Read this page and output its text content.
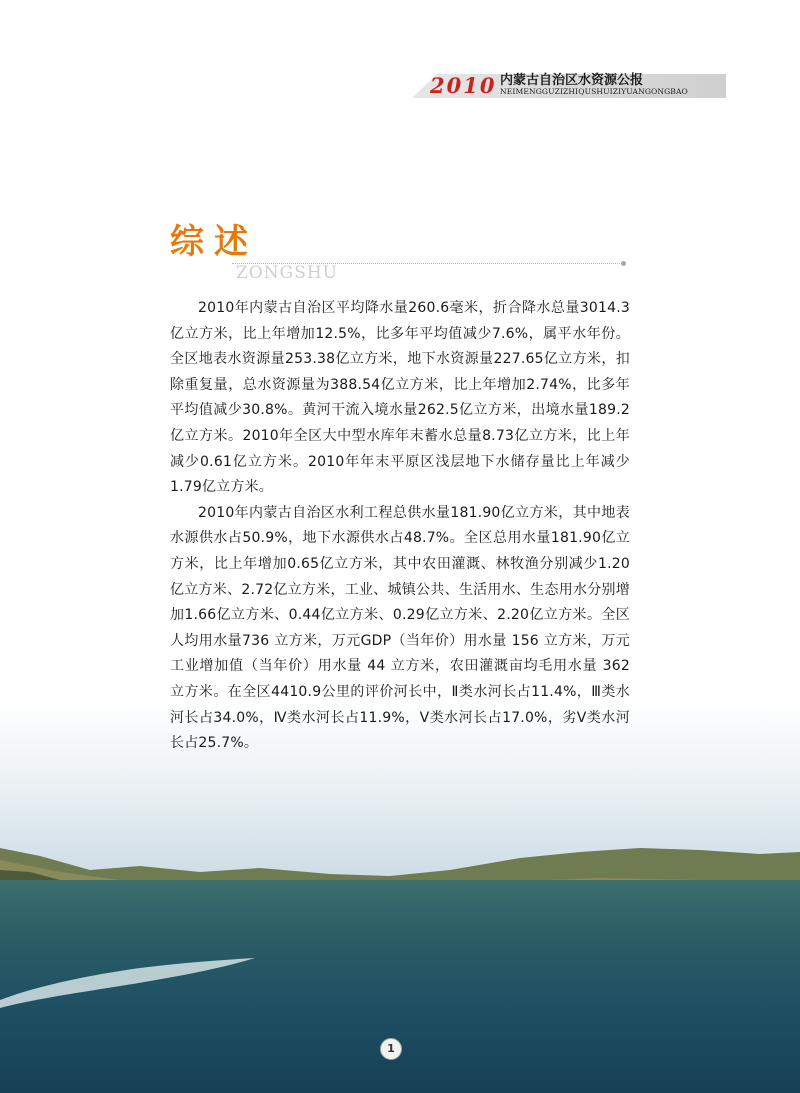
2010 内蒙古自治区水资源公报
NEIMENGGUZIZHIQUSHUIZIYUANGONGBAO
综述
ZONGSHU

2010年内蒙古自治区平均降水量260.6毫米，折合降水总量3014.3亿立方米，比上年增加12.5%，比多年平均值减少7.6%，属平水年份。全区地表水资源量253.38亿立方米，地下水资源量227.65亿立方米，扣除重复量，总水资源量为388.54亿立方米，比上年增加2.74%，比多年平均值减少30.8%。黄河干流入境水量262.5亿立方米，出境水量189.2亿立方米。2010年全区大中型水库年末蓄水总量8.73亿立方米，比上年减少0.61亿立方米。2010年年末平原区浅层地下水储存量比上年减少1.79亿立方米。

2010年内蒙古自治区水利工程总供水量181.90亿立方米，其中地表水源供水占50.9%，地下水源供水占48.7%。全区总用水量181.90亿立方米，比上年增加0.65亿立方米，其中农田灌溉、林牧渔分别减少1.20亿立方米、2.72亿立方米，工业、城镇公共、生活用水、生态用水分别增加1.66亿立方米、0.44亿立方米、0.29亿立方米、2.20亿立方米。全区人均用水量736 立方米，万元GDP（当年价）用水量 156 立方米，万元工业增加值（当年价）用水量 44 立方米，农田灌溉亩均毛用水量 362 立方米。在全区4410.9公里的评价河长中，Ⅱ类水河长占11.4%，Ⅲ类水河长占34.0%，Ⅳ类水河长占11.9%，Ⅴ类水河长占17.0%，劣Ⅴ类水河长占25.7%。

1
